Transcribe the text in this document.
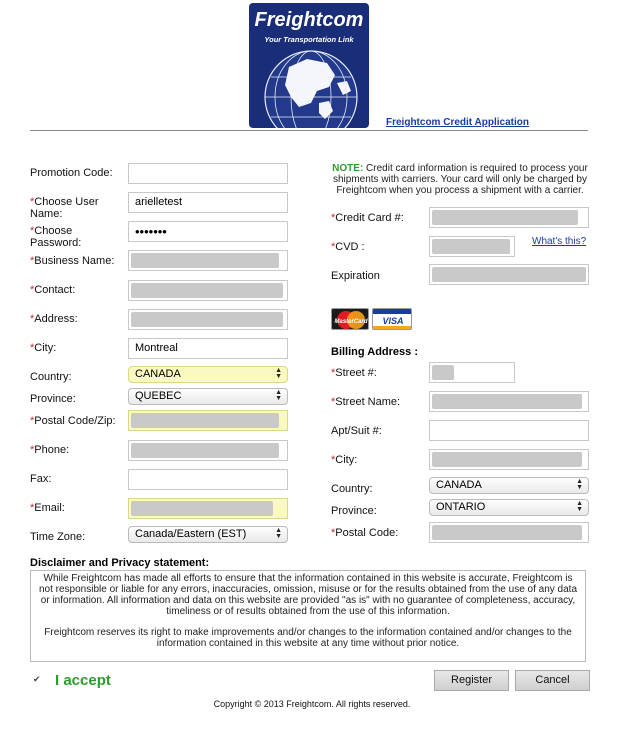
Freightcom
Your Transportation Link
Freightcom Credit Application
Promotion Code:
*Choose User Name:
arielletest
*Choose Password:
•••••••
*Business Name:
*Contact:
*Address:
*City:	Montreal
Country:	CANADA	▲
▼
Province:	QUEBEC	▲
▼
*Postal Code/Zip:
*Phone:
Fax:
*Email:
Time Zone:	Canada/Eastern (EST)	▲
▼
NOTE: Credit card information is required to process your shipments with carriers. Your card will only be charged by Freightcom when you process a shipment with a carrier.
*Credit Card #:
*CVD :	What's this?
Expiration
MasterCard VISA
Billing Address :
*Street #:
*Street Name:
Apt/Suit #:
*City:
Country:	CANADA	▲
▼
Province:	ONTARIO	▲
▼
*Postal Code:
Disclaimer and Privacy statement:

While Freightcom has made all efforts to ensure that the information contained in this website is accurate, Freightcom is not responsible or liable for any errors, inaccuracies, omission, misuse or for the results obtained from the use of any data or information. All information and data on this website are provided "as is" with no guarantee of completeness, accuracy, timeliness or of results obtained from the use of this information.

Freightcom reserves its right to make improvements and/or changes to the information contained and/or changes to the information contained in this website at any time without prior notice.

✔ I accept	Register	Cancel
Copyright © 2013 Freightcom. All rights reserved.
